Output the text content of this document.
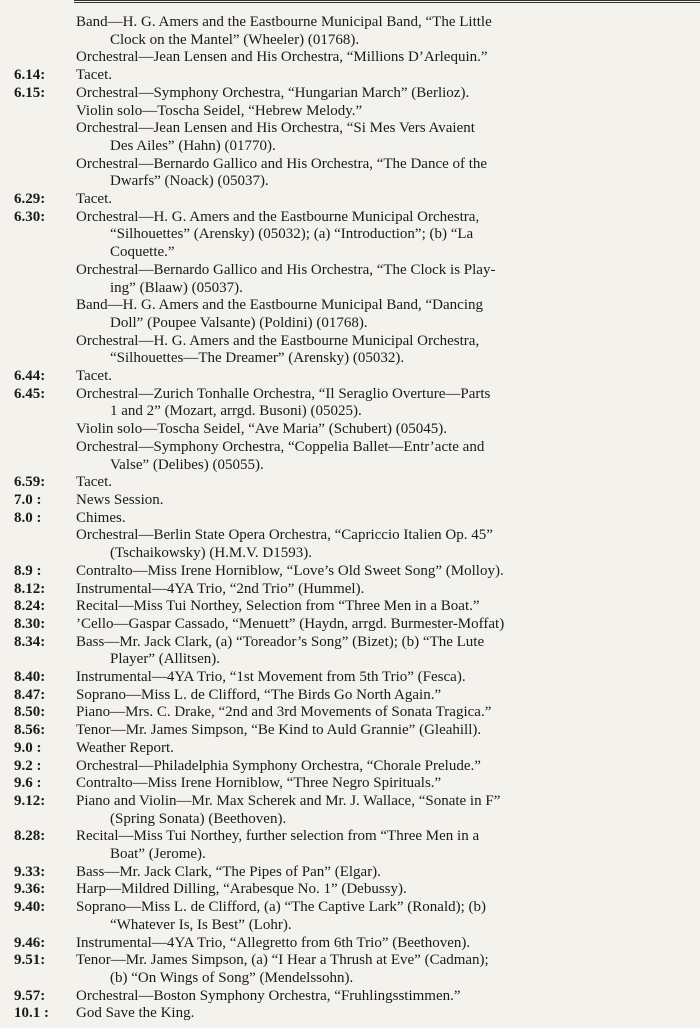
Band—H. G. Amers and the Eastbourne Municipal Band, “The Little
Clock on the Mantel” (Wheeler) (01768).
Orchestral—Jean Lensen and His Orchestra, “Millions D’Arlequin.”
6.14:	Tacet.
6.15:	Orchestral—Symphony Orchestra, “Hungarian March” (Berlioz).
Violin solo—Toscha Seidel, “Hebrew Melody.”
Orchestral—Jean Lensen and His Orchestra, “Si Mes Vers Avaient
Des Ailes” (Hahn) (01770).
Orchestral—Bernardo Gallico and His Orchestra, “The Dance of the
Dwarfs” (Noack) (05037).
6.29:	Tacet.
6.30:	Orchestral—H. G. Amers and the Eastbourne Municipal Orchestra,
“Silhouettes” (Arensky) (05032); (a) “Introduction”; (b) “La
Coquette.”
Orchestral—Bernardo Gallico and His Orchestra, “The Clock is Play-
ing” (Blaaw) (05037).
Band—H. G. Amers and the Eastbourne Municipal Band, “Dancing
Doll” (Poupee Valsante) (Poldini) (01768).
Orchestral—H. G. Amers and the Eastbourne Municipal Orchestra,
“Silhouettes—The Dreamer” (Arensky) (05032).
6.44:	Tacet.
6.45:	Orchestral—Zurich Tonhalle Orchestra, “Il Seraglio Overture—Parts
1 and 2” (Mozart, arrgd. Busoni) (05025).
Violin solo—Toscha Seidel, “Ave Maria” (Schubert) (05045).
Orchestral—Symphony Orchestra, “Coppelia Ballet—Entr’acte and
Valse” (Delibes) (05055).
6.59:	Tacet.
7.0 :	News Session.
8.0 :	Chimes.
Orchestral—Berlin State Opera Orchestra, “Capriccio Italien Op. 45”
(Tschaikowsky) (H.M.V. D1593).
8.9 :	Contralto—Miss Irene Horniblow, “Love’s Old Sweet Song” (Molloy).
8.12:	Instrumental—4YA Trio, “2nd Trio” (Hummel).
8.24:	Recital—Miss Tui Northey, Selection from “Three Men in a Boat.”
8.30:	’Cello—Gaspar Cassado, “Menuett” (Haydn, arrgd. Burmester-Moffat)
8.34:	Bass—Mr. Jack Clark, (a) “Toreador’s Song” (Bizet); (b) “The Lute
Player” (Allitsen).
8.40:	Instrumental—4YA Trio, “1st Movement from 5th Trio” (Fesca).
8.47:	Soprano—Miss L. de Clifford, “The Birds Go North Again.”
8.50:	Piano—Mrs. C. Drake, “2nd and 3rd Movements of Sonata Tragica.”
8.56:	Tenor—Mr. James Simpson, “Be Kind to Auld Grannie” (Gleahill).
9.0 :	Weather Report.
9.2 :	Orchestral—Philadelphia Symphony Orchestra, “Chorale Prelude.”
9.6 :	Contralto—Miss Irene Horniblow, “Three Negro Spirituals.”
9.12:	Piano and Violin—Mr. Max Scherek and Mr. J. Wallace, “Sonate in F”
(Spring Sonata) (Beethoven).
8.28:	Recital—Miss Tui Northey, further selection from “Three Men in a
Boat” (Jerome).
9.33:	Bass—Mr. Jack Clark, “The Pipes of Pan” (Elgar).
9.36:	Harp—Mildred Dilling, “Arabesque No. 1” (Debussy).
9.40:	Soprano—Miss L. de Clifford, (a) “The Captive Lark” (Ronald); (b)
“Whatever Is, Is Best” (Lohr).
9.46:	Instrumental—4YA Trio, “Allegretto from 6th Trio” (Beethoven).
9.51:	Tenor—Mr. James Simpson, (a) “I Hear a Thrush at Eve” (Cadman);
(b) “On Wings of Song” (Mendelssohn).
9.57:	Orchestral—Boston Symphony Orchestra, “Fruhlingsstimmen.”
10.1 :	God Save the King.
